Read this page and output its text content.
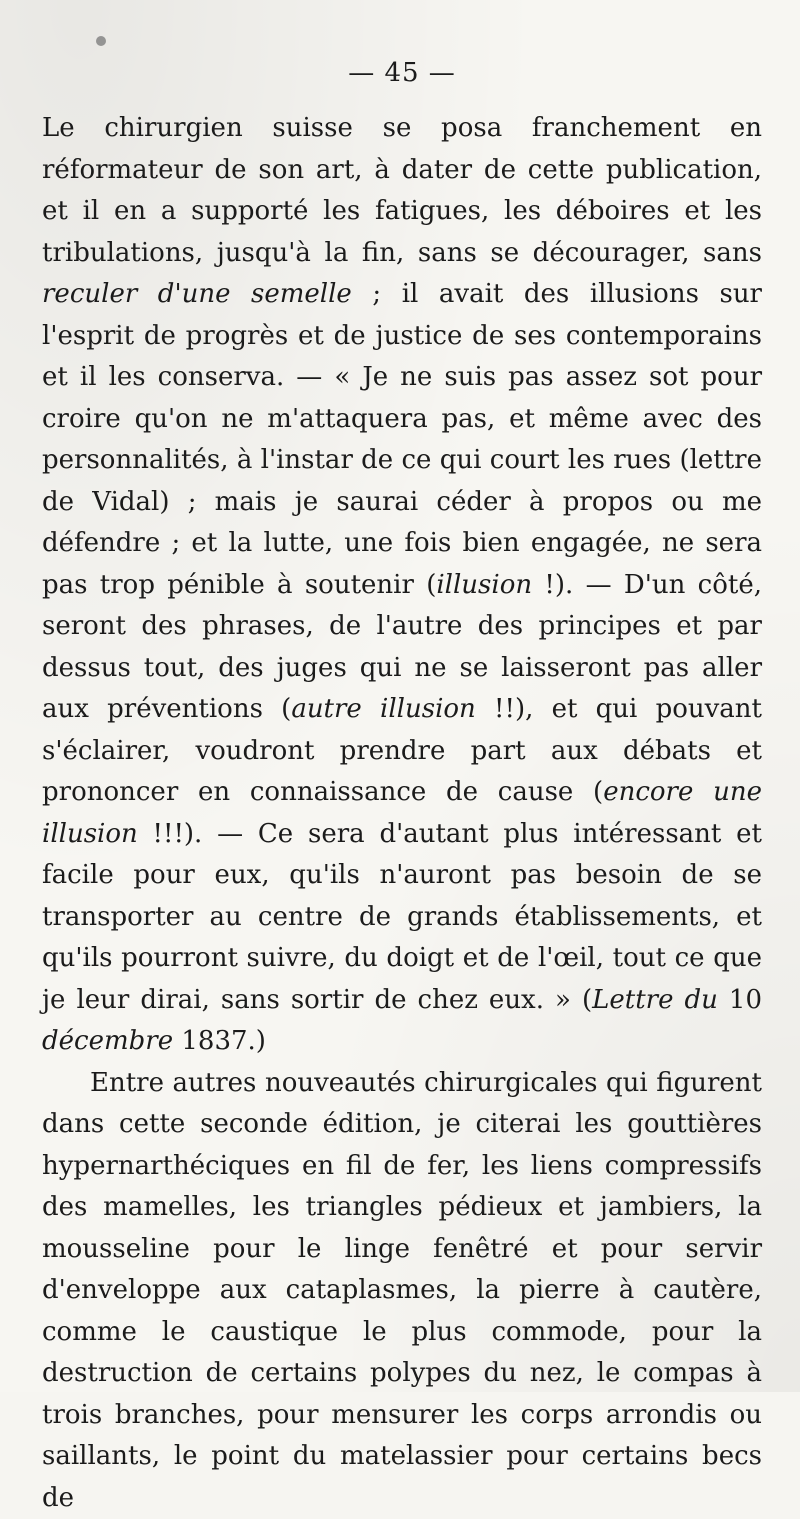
— 45 —

Le chirurgien suisse se posa franchement en réformateur de son art, à dater de cette publication, et il en a supporté les fatigues, les déboires et les tribulations, jusqu'à la fin, sans se décourager, sans reculer d'une semelle ; il avait des illusions sur l'esprit de progrès et de justice de ses contemporains et il les conserva. — « Je ne suis pas assez sot pour croire qu'on ne m'attaquera pas, et même avec des personnalités, à l'instar de ce qui court les rues (lettre de Vidal) ; mais je saurai céder à propos ou me défendre ; et la lutte, une fois bien engagée, ne sera pas trop pénible à soutenir (illusion !). — D'un côté, seront des phrases, de l'autre des principes et par dessus tout, des juges qui ne se laisseront pas aller aux préventions (autre illusion !!), et qui pouvant s'éclairer, voudront prendre part aux débats et prononcer en connaissance de cause (encore une illusion !!!). — Ce sera d'autant plus intéressant et facile pour eux, qu'ils n'auront pas besoin de se transporter au centre de grands établissements, et qu'ils pourront suivre, du doigt et de l'œil, tout ce que je leur dirai, sans sortir de chez eux. » (Lettre du 10 décembre 1837.)

Entre autres nouveautés chirurgicales qui figurent dans cette seconde édition, je citerai les gouttières hypernarthéciques en fil de fer, les liens compressifs des mamelles, les triangles pédieux et jambiers, la mousseline pour le linge fenêtré et pour servir d'enveloppe aux cataplasmes, la pierre à cautère, comme le caustique le plus commode, pour la destruction de certains polypes du nez, le compas à trois branches, pour mensurer les corps arrondis ou saillants, le point du matelassier pour certains becs de
